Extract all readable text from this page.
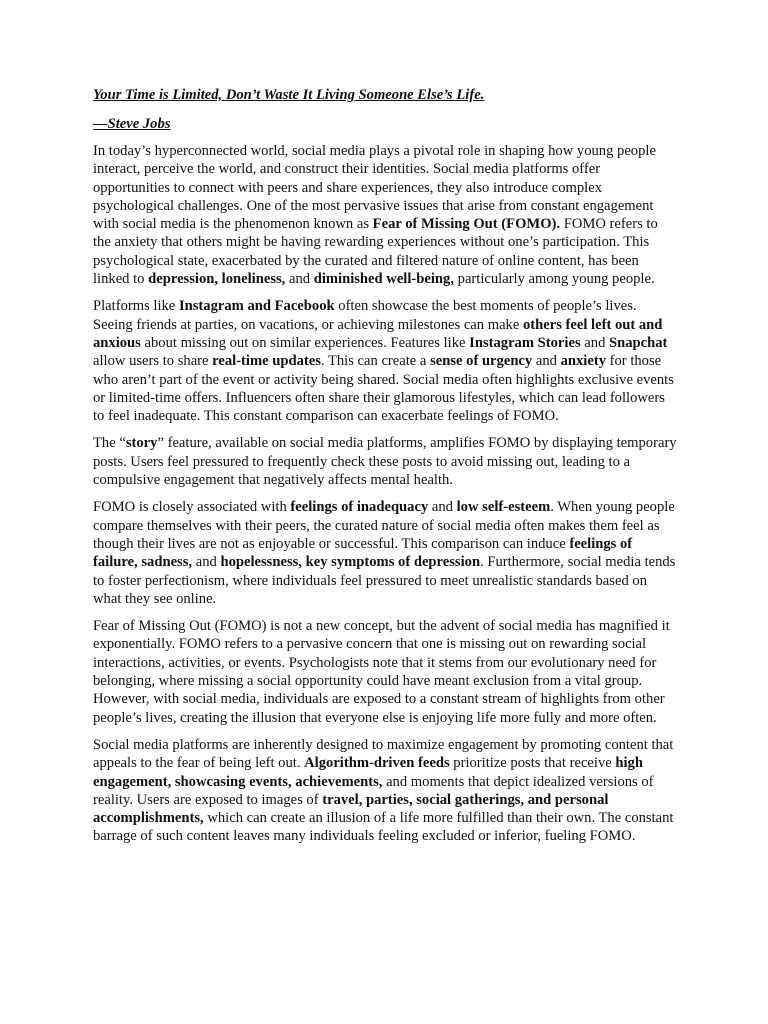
Your Time is Limited, Don’t Waste It Living Someone Else’s Life.

—Steve Jobs

In today’s hyperconnected world, social media plays a pivotal role in shaping how young people interact, perceive the world, and construct their identities. Social media platforms offer opportunities to connect with peers and share experiences, they also introduce complex psychological challenges. One of the most pervasive issues that arise from constant engagement with social media is the phenomenon known as Fear of Missing Out (FOMO). FOMO refers to the anxiety that others might be having rewarding experiences without one’s participation. This psychological state, exacerbated by the curated and filtered nature of online content, has been linked to depression, loneliness, and diminished well-being, particularly among young people.

Platforms like Instagram and Facebook often showcase the best moments of people’s lives. Seeing friends at parties, on vacations, or achieving milestones can make others feel left out and anxious about missing out on similar experiences. Features like Instagram Stories and Snapchat allow users to share real-time updates. This can create a sense of urgency and anxiety for those who aren’t part of the event or activity being shared. Social media often highlights exclusive events or limited-time offers. Influencers often share their glamorous lifestyles, which can lead followers to feel inadequate. This constant comparison can exacerbate feelings of FOMO.

The “story” feature, available on social media platforms, amplifies FOMO by displaying temporary posts. Users feel pressured to frequently check these posts to avoid missing out, leading to a compulsive engagement that negatively affects mental health.

FOMO is closely associated with feelings of inadequacy and low self-esteem. When young people compare themselves with their peers, the curated nature of social media often makes them feel as though their lives are not as enjoyable or successful. This comparison can induce feelings of failure, sadness, and hopelessness, key symptoms of depression. Furthermore, social media tends to foster perfectionism, where individuals feel pressured to meet unrealistic standards based on what they see online.

Fear of Missing Out (FOMO) is not a new concept, but the advent of social media has magnified it exponentially. FOMO refers to a pervasive concern that one is missing out on rewarding social interactions, activities, or events. Psychologists note that it stems from our evolutionary need for belonging, where missing a social opportunity could have meant exclusion from a vital group. However, with social media, individuals are exposed to a constant stream of highlights from other people’s lives, creating the illusion that everyone else is enjoying life more fully and more often.

Social media platforms are inherently designed to maximize engagement by promoting content that appeals to the fear of being left out. Algorithm-driven feeds prioritize posts that receive high engagement, showcasing events, achievements, and moments that depict idealized versions of reality. Users are exposed to images of travel, parties, social gatherings, and personal accomplishments, which can create an illusion of a life more fulfilled than their own. The constant barrage of such content leaves many individuals feeling excluded or inferior, fueling FOMO.
